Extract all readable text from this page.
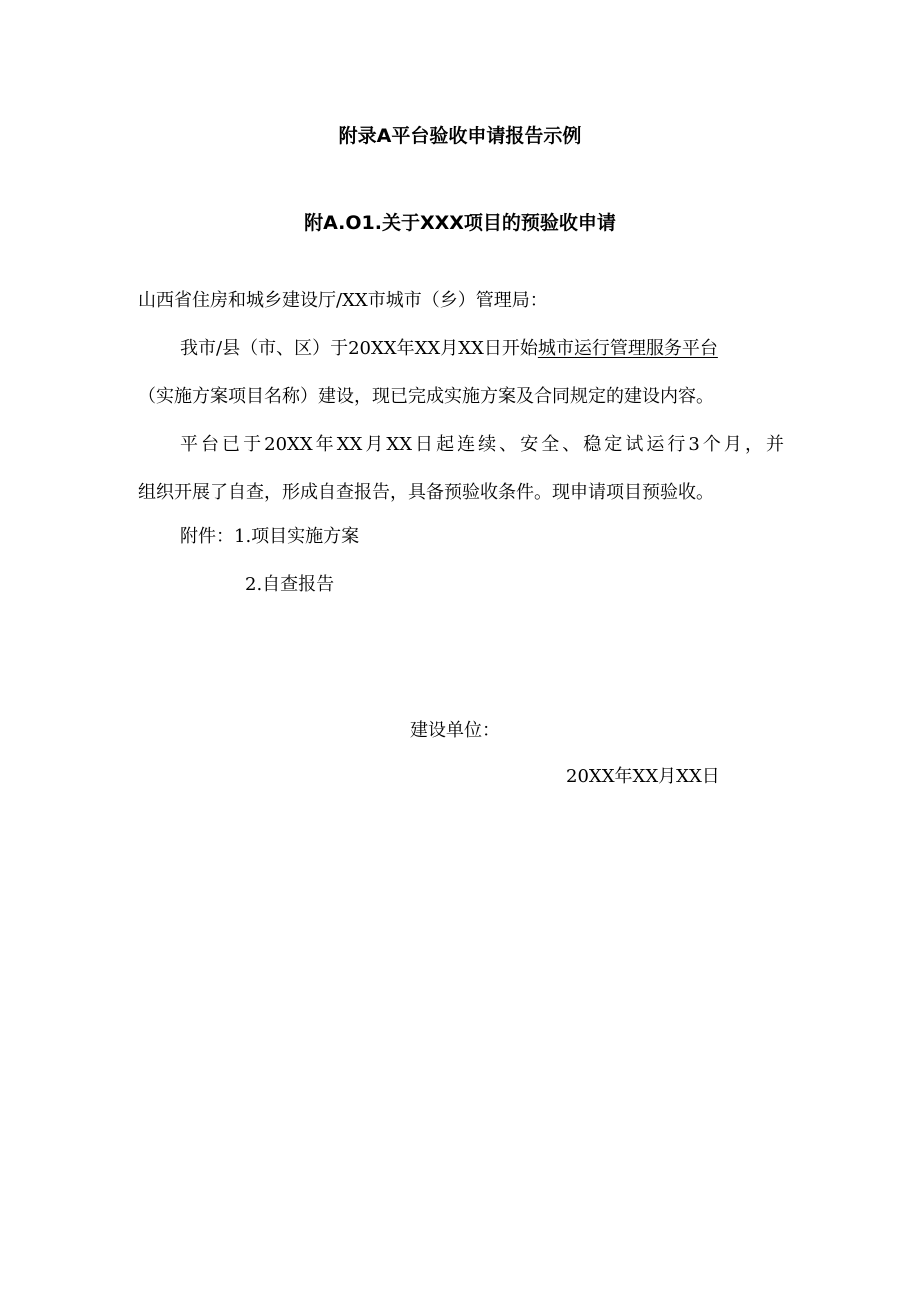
附录A平台验收申请报告示例
附A.O1.关于XXX项目的预验收申请
山西省住房和城乡建设厅/XX市城市（乡）管理局：
我市/县（市、区）于20XX年XX月XX日开始城市运行管理服务平台
（实施方案项目名称）建设，现已完成实施方案及合同规定的建设内容。
平台已于20XX年XX月XX日起连续、安全、稳定试运行3个月，并
组织开展了自查，形成自查报告，具备预验收条件。现申请项目预验收。
附件：1.项目实施方案
2.自查报告
建设单位：
20XX年XX月XX日
